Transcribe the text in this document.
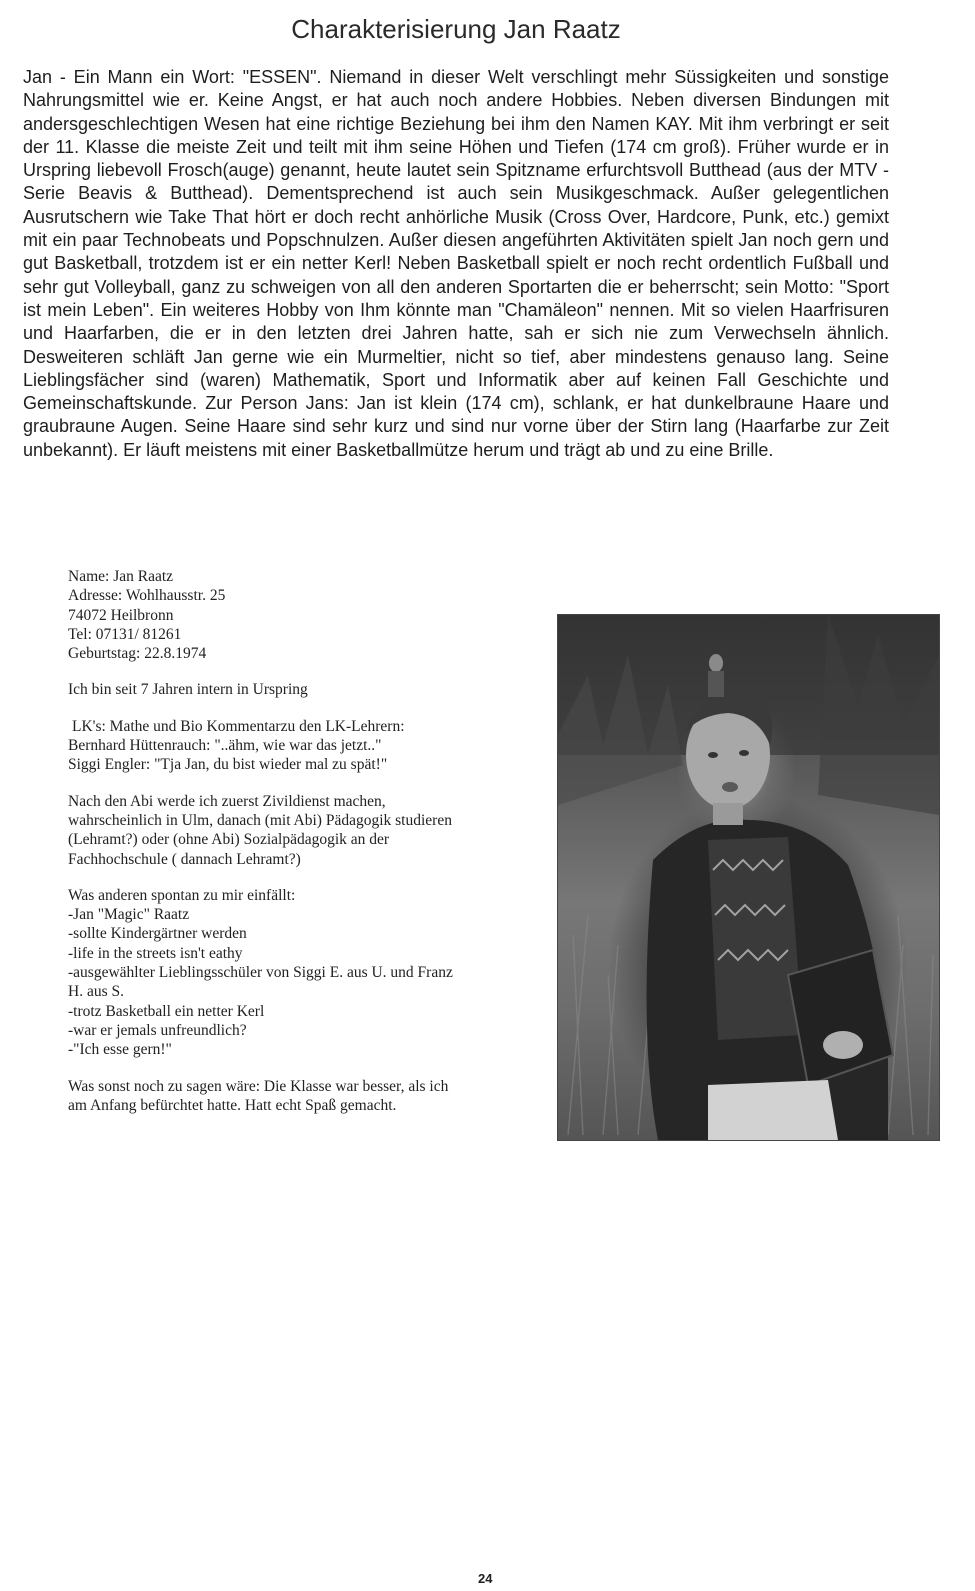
Charakterisierung Jan Raatz
Jan - Ein Mann ein Wort: "ESSEN". Niemand in dieser Welt verschlingt mehr Süssigkeiten und sonstige Nahrungsmittel wie er. Keine Angst, er hat auch noch andere Hobbies. Neben diversen Bindungen mit andersgeschlechtigen Wesen hat eine richtige Beziehung bei ihm den Namen KAY. Mit ihm verbringt er seit der 11. Klasse die meiste Zeit und teilt mit ihm seine Höhen und Tiefen (174 cm groß). Früher wurde er in Urspring liebevoll Frosch(auge) genannt, heute lautet sein Spitzname erfurchtsvoll Butthead (aus der MTV - Serie Beavis & Butthead). Dementsprechend ist auch sein Musikgeschmack. Außer gelegentlichen Ausrutschern wie Take That hört er doch recht anhörliche Musik (Cross Over, Hardcore, Punk, etc.) gemixt mit ein paar Technobeats und Popschnulzen. Außer diesen angeführten Aktivitäten spielt Jan noch gern und gut Basketball, trotzdem ist er ein netter Kerl! Neben Basketball spielt er noch recht ordentlich Fußball und sehr gut Volleyball, ganz zu schweigen von all den anderen Sportarten die er beherrscht; sein Motto: "Sport ist mein Leben". Ein weiteres Hobby von Ihm könnte man "Chamäleon" nennen. Mit so vielen Haarfrisuren und Haarfarben, die er in den letzten drei Jahren hatte, sah er sich nie zum Verwechseln ähnlich. Desweiteren schläft Jan gerne wie ein Murmeltier, nicht so tief, aber mindestens genauso lang. Seine Lieblingsfächer sind (waren) Mathematik, Sport und Informatik aber auf keinen Fall Geschichte und Gemeinschaftskunde. Zur Person Jans: Jan ist klein (174 cm), schlank, er hat dunkelbraune Haare und graubraune Augen. Seine Haare sind sehr kurz und sind nur vorne über der Stirn lang (Haarfarbe zur Zeit unbekannt). Er läuft meistens mit einer Basketballmütze herum und trägt ab und zu eine Brille.
Name: Jan Raatz
Adresse: Wohlhausstr. 25
74072 Heilbronn
Tel: 07131/ 81261
Geburtstag: 22.8.1974
Ich bin seit 7 Jahren intern in Urspring
LK's: Mathe und Bio Kommentarzu den LK-Lehrern:
Bernhard Hüttenrauch: "..ähm, wie war das jetzt.."
Siggi Engler: "Tja Jan, du bist wieder mal zu spät!"
Nach den Abi werde ich zuerst Zivildienst machen,
wahrscheinlich in Ulm, danach (mit Abi) Pädagogik studieren
(Lehramt?) oder (ohne Abi) Sozialpädagogik an der
Fachhochschule ( dannach Lehramt?)
Was anderen spontan zu mir einfällt:
-Jan "Magic" Raatz
-sollte Kindergärtner werden
-life in the streets isn't eathy
-ausgewählter Lieblingsschüler von Siggi E. aus U. und Franz
H. aus S.
-trotz Basketball ein netter Kerl
-war er jemals unfreundlich?
-"Ich esse gern!"
Was sonst noch zu sagen wäre: Die Klasse war besser, als ich
am Anfang befürchtet hatte. Hatt echt Spaß gemacht.
24
